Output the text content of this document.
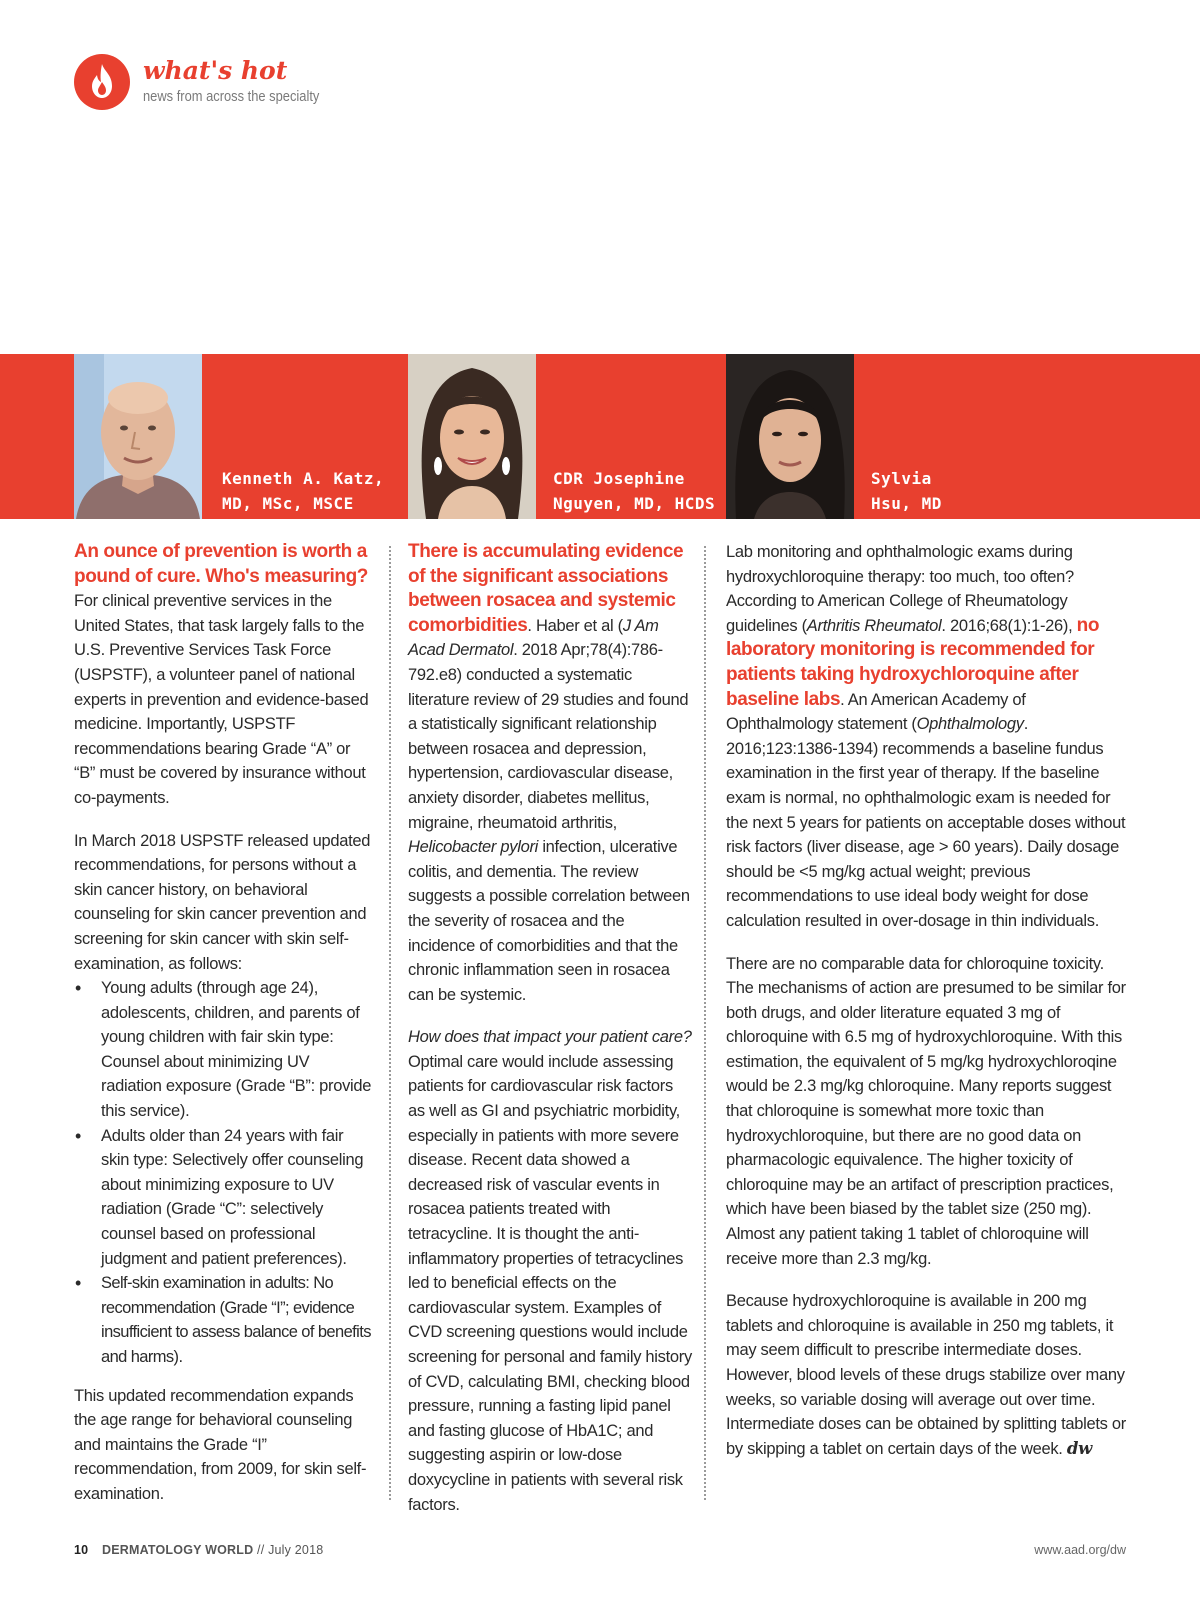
what's hot
news from across the specialty
Kenneth A. Katz,
MD, MSc, MSCE
CDR Josephine
Nguyen, MD, HCDS
Sylvia
Hsu, MD

An ounce of prevention is worth a pound of cure. Who's measuring? For clinical preventive services in the United States, that task largely falls to the U.S. Preventive Services Task Force (USPSTF), a volunteer panel of national experts in prevention and evidence-based medicine. Importantly, USPSTF recommendations bearing Grade “A” or “B” must be covered by insurance without co-payments.

In March 2018 USPSTF released updated recommendations, for persons without a skin cancer history, on behavioral counseling for skin cancer prevention and screening for skin cancer with skin self-examination, as follows:

• Young adults (through age 24), adolescents, children, and parents of young children with fair skin type: Counsel about minimizing UV radiation exposure (Grade “B”: provide this service).
• Adults older than 24 years with fair skin type: Selectively offer counseling about minimizing exposure to UV radiation (Grade “C”: selectively counsel based on professional judgment and patient preferences).
• Self-skin examination in adults: No recommendation (Grade “I”; evidence insufficient to assess balance of benefits and harms).

This updated recommendation expands the age range for behavioral counseling and maintains the Grade “I” recommendation, from 2009, for skin self-examination.

There is accumulating evidence of the significant associations between rosacea and systemic comorbidities. Haber et al (J Am Acad Dermatol. 2018 Apr;78(4):786-792.e8) conducted a systematic literature review of 29 studies and found a statistically significant relationship between rosacea and depression, hypertension, cardiovascular disease, anxiety disorder, diabetes mellitus, migraine, rheumatoid arthritis, Helicobacter pylori infection, ulcerative colitis, and dementia. The review suggests a possible correlation between the severity of rosacea and the incidence of comorbidities and that the chronic inflammation seen in rosacea can be systemic.

How does that impact your patient care? Optimal care would include assessing patients for cardiovascular risk factors as well as GI and psychiatric morbidity, especially in patients with more severe disease. Recent data showed a decreased risk of vascular events in rosacea patients treated with tetracycline. It is thought the anti-inflammatory properties of tetracyclines led to beneficial effects on the cardiovascular system. Examples of CVD screening questions would include screening for personal and family history of CVD, calculating BMI, checking blood pressure, running a fasting lipid panel and fasting glucose of HbA1C; and suggesting aspirin or low-dose doxycycline in patients with several risk factors.

Lab monitoring and ophthalmologic exams during hydroxychloroquine therapy: too much, too often? According to American College of Rheumatology guidelines (Arthritis Rheumatol. 2016;68(1):1-26), no laboratory monitoring is recommended for patients taking hydroxychloroquine after baseline labs. An American Academy of Ophthalmology statement (Ophthalmology. 2016;123:1386-1394) recommends a baseline fundus examination in the first year of therapy. If the baseline exam is normal, no ophthalmologic exam is needed for the next 5 years for patients on acceptable doses without risk factors (liver disease, age > 60 years). Daily dosage should be <5 mg/kg actual weight; previous recommendations to use ideal body weight for dose calculation resulted in over-dosage in thin individuals.

There are no comparable data for chloroquine toxicity. The mechanisms of action are presumed to be similar for both drugs, and older literature equated 3 mg of chloroquine with 6.5 mg of hydroxychloroquine. With this estimation, the equivalent of 5 mg/kg hydroxychloroqine would be 2.3 mg/kg chloroquine. Many reports suggest that chloroquine is somewhat more toxic than hydroxychloroquine, but there are no good data on pharmacologic equivalence. The higher toxicity of chloroquine may be an artifact of prescription practices, which have been biased by the tablet size (250 mg). Almost any patient taking 1 tablet of chloroquine will receive more than 2.3 mg/kg.

Because hydroxychloroquine is available in 200 mg tablets and chloroquine is available in 250 mg tablets, it may seem difficult to prescribe intermediate doses. However, blood levels of these drugs stabilize over many weeks, so variable dosing will average out over time. Intermediate doses can be obtained by splitting tablets or by skipping a tablet on certain days of the week. dw

10 DERMATOLOGY WORLD // July 2018	www.aad.org/dw
